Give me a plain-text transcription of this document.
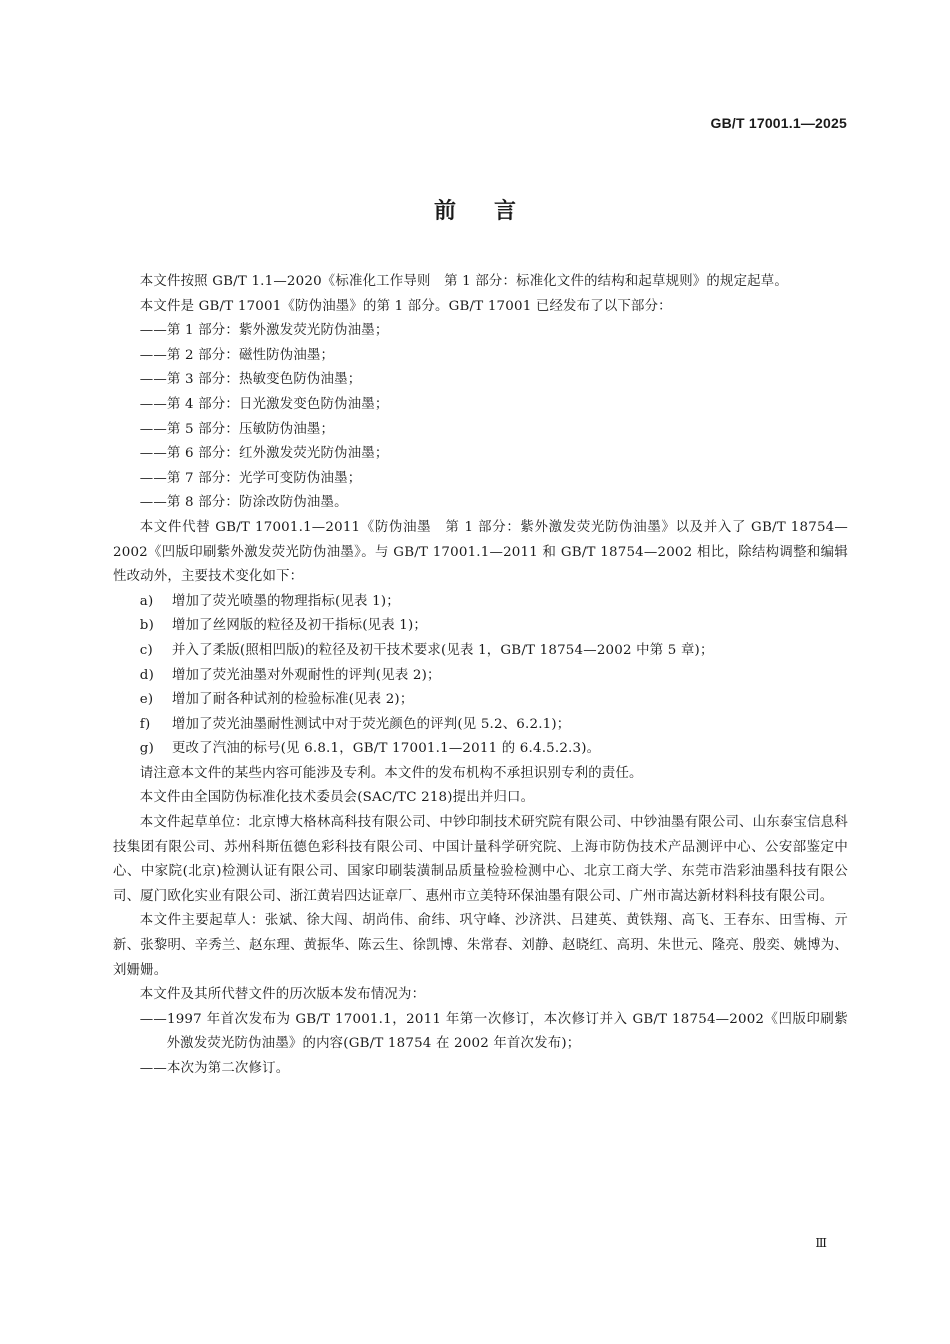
GB/T 17001.1—2025
前言

本文件按照 GB/T 1.1—2020《标准化工作导则　第 1 部分：标准化文件的结构和起草规则》的规定起草。

本文件是 GB/T 17001《防伪油墨》的第 1 部分。GB/T 17001 已经发布了以下部分：

——第 1 部分：紫外激发荧光防伪油墨；

——第 2 部分：磁性防伪油墨；

——第 3 部分：热敏变色防伪油墨；

——第 4 部分：日光激发变色防伪油墨；

——第 5 部分：压敏防伪油墨；

——第 6 部分：红外激发荧光防伪油墨；

——第 7 部分：光学可变防伪油墨；

——第 8 部分：防涂改防伪油墨。

本文件代替 GB/T 17001.1—2011《防伪油墨　第 1 部分：紫外激发荧光防伪油墨》以及并入了 GB/T 18754—2002《凹版印刷紫外激发荧光防伪油墨》。与 GB/T 17001.1—2011 和 GB/T 18754—2002 相比，除结构调整和编辑性改动外，主要技术变化如下：

a) 增加了荧光喷墨的物理指标(见表 1)；

b) 增加了丝网版的粒径及初干指标(见表 1)；

c) 并入了柔版(照相凹版)的粒径及初干技术要求(见表 1，GB/T 18754—2002 中第 5 章)；

d) 增加了荧光油墨对外观耐性的评判(见表 2)；

e) 增加了耐各种试剂的检验标准(见表 2)；

f) 增加了荧光油墨耐性测试中对于荧光颜色的评判(见 5.2、6.2.1)；

g) 更改了汽油的标号(见 6.8.1，GB/T 17001.1—2011 的 6.4.5.2.3)。

请注意本文件的某些内容可能涉及专利。本文件的发布机构不承担识别专利的责任。

本文件由全国防伪标准化技术委员会(SAC/TC 218)提出并归口。

本文件起草单位：北京博大格林高科技有限公司、中钞印制技术研究院有限公司、中钞油墨有限公司、山东泰宝信息科技集团有限公司、苏州科斯伍德色彩科技有限公司、中国计量科学研究院、上海市防伪技术产品测评中心、公安部鉴定中心、中家院(北京)检测认证有限公司、国家印刷装潢制品质量检验检测中心、北京工商大学、东莞市浩彩油墨科技有限公司、厦门欧化实业有限公司、浙江黄岩四达证章厂、惠州市立美特环保油墨有限公司、广州市嵩达新材料科技有限公司。

本文件主要起草人：张斌、徐大闯、胡尚伟、俞纬、巩守峰、沙济洪、吕建英、黄铁翔、高飞、王春东、田雪梅、亓新、张黎明、辛秀兰、赵东理、黄振华、陈云生、徐凯博、朱常春、刘静、赵晓红、高玥、朱世元、隆亮、殷奕、姚博为、刘姗姗。

本文件及其所代替文件的历次版本发布情况为：

——1997 年首次发布为 GB/T 17001.1，2011 年第一次修订，本次修订并入 GB/T 18754—2002《凹版印刷紫外激发荧光防伪油墨》的内容(GB/T 18754 在 2002 年首次发布)；

——本次为第二次修订。

Ⅲ
